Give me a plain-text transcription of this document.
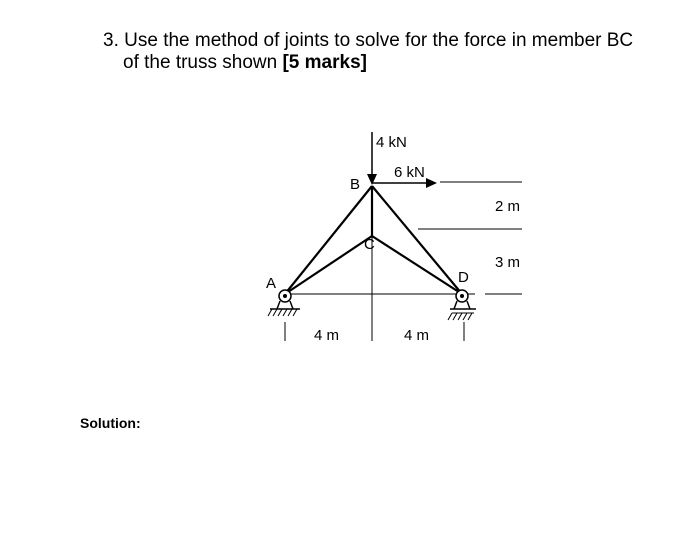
3. Use the method of joints to solve for the force in member BC
of the truss shown [5 marks]
4 kN
6 kN
B
C
A	D
2 m
3 m
4 m	4 m
Solution:
